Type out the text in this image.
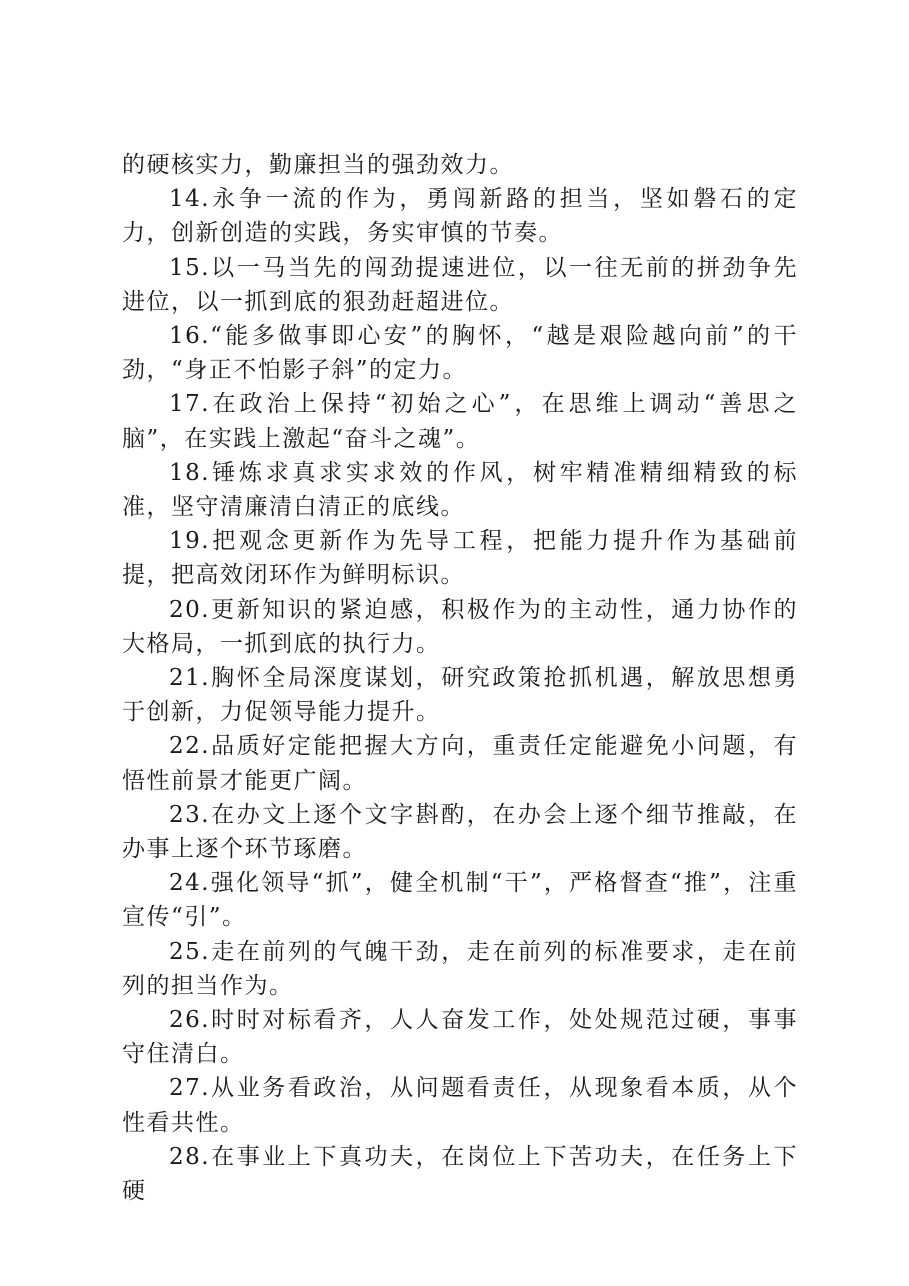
的硬核实力，勤廉担当的强劲效力。

14.永争一流的作为，勇闯新路的担当，坚如磐石的定力，创新创造的实践，务实审慎的节奏。

15.以一马当先的闯劲提速进位，以一往无前的拼劲争先进位，以一抓到底的狠劲赶超进位。

16.“能多做事即心安”的胸怀，“越是艰险越向前”的干劲，“身正不怕影子斜”的定力。

17.在政治上保持“初始之心”，在思维上调动“善思之脑”，在实践上激起“奋斗之魂”。

18.锤炼求真求实求效的作风，树牢精准精细精致的标准，坚守清廉清白清正的底线。

19.把观念更新作为先导工程，把能力提升作为基础前提，把高效闭环作为鲜明标识。

20.更新知识的紧迫感，积极作为的主动性，通力协作的大格局，一抓到底的执行力。

21.胸怀全局深度谋划，研究政策抢抓机遇，解放思想勇于创新，力促领导能力提升。

22.品质好定能把握大方向，重责任定能避免小问题，有悟性前景才能更广阔。

23.在办文上逐个文字斟酌，在办会上逐个细节推敲，在办事上逐个环节琢磨。

24.强化领导“抓”，健全机制“干”，严格督查“推”，注重宣传“引”。

25.走在前列的气魄干劲，走在前列的标准要求，走在前列的担当作为。

26.时时对标看齐，人人奋发工作，处处规范过硬，事事守住清白。

27.从业务看政治，从问题看责任，从现象看本质，从个性看共性。

28.在事业上下真功夫，在岗位上下苦功夫，在任务上下硬
